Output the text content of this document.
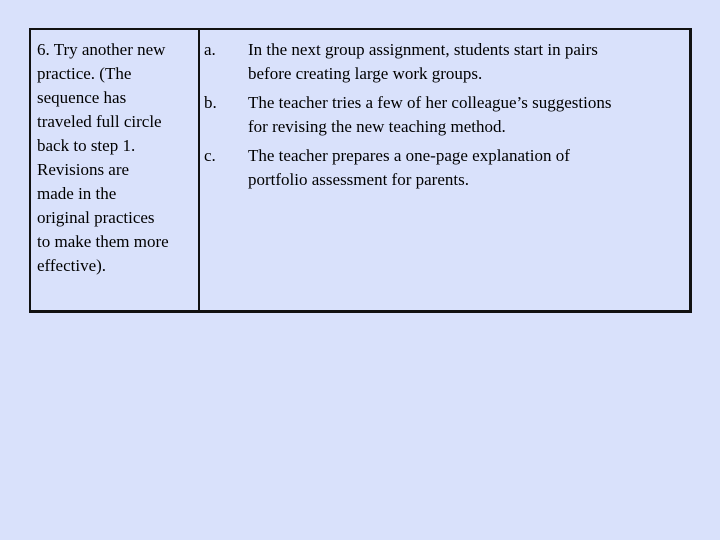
6. Try another new
practice. (The
sequence has
traveled full circle
back to step 1.
Revisions are
made in the
original practices
to make them more
effective).
a. In the next group assignment, students start in pairs
before creating large work groups.
b. The teacher tries a few of her colleague’s suggestions
for revising the new teaching method.
c. The teacher prepares a one-page explanation of
portfolio assessment for parents.
